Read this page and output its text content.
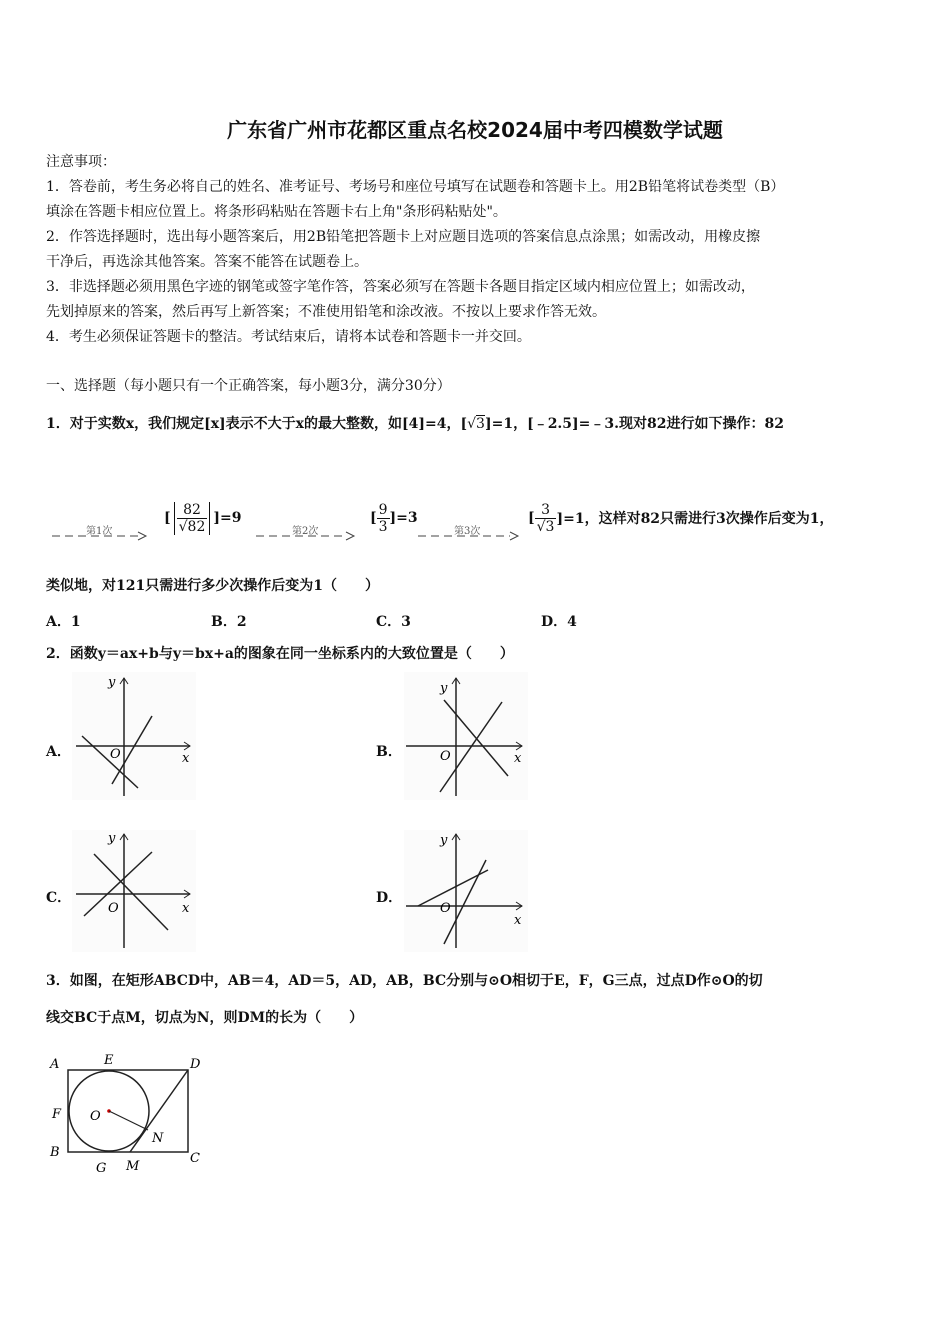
广东省广州市花都区重点名校2024届中考四模数学试题
注意事项：
1．答卷前，考生务必将自己的姓名、准考证号、考场号和座位号填写在试题卷和答题卡上。用2B铅笔将试卷类型（B）
填涂在答题卡相应位置上。将条形码粘贴在答题卡右上角"条形码粘贴处"。
2．作答选择题时，选出每小题答案后，用2B铅笔把答题卡上对应题目选项的答案信息点涂黑；如需改动，用橡皮擦
干净后，再选涂其他答案。答案不能答在试题卷上。
3．非选择题必须用黑色字迹的钢笔或签字笔作答，答案必须写在答题卡各题目指定区域内相应位置上；如需改动，
先划掉原来的答案，然后再写上新答案；不准使用铅笔和涂改液。不按以上要求作答无效。
4．考生必须保证答题卡的整洁。考试结束后，请将本试卷和答题卡一并交回。
一、选择题（每小题只有一个正确答案，每小题3分，满分30分）
1．对于实数x，我们规定[x]表示不大于x的最大整数，如[4]=4，[√3]=1，[﹣2.5]=﹣3.现对82进行如下操作：82
第1次	第2次	第3次
[ $\frac{82}{√82} ]=9$	[ $\frac{9}{3} ]=3$	[ $\frac{3}{√3} ]=1$，这样对82只需进行3次操作后变为1，
类似地，对121只需进行多少次操作后变为1（　　）
A．1	B．2	C．3	D．4
2．函数y＝ax+b与y＝bx+a的图象在同一坐标系内的大致位置是（　　）
A．	B．
C．	D．
x
y
O	x
y
O
x
y
O
x
y
O
3．如图，在矩形ABCD中，AB＝4，AD＝5，AD，AB，BC分别与⊙O相切于E，F，G三点，过点D作⊙O的切
线交BC于点M，切点为N，则DM的长为（　　）
A	E	D
F O
N
B
G M
C
